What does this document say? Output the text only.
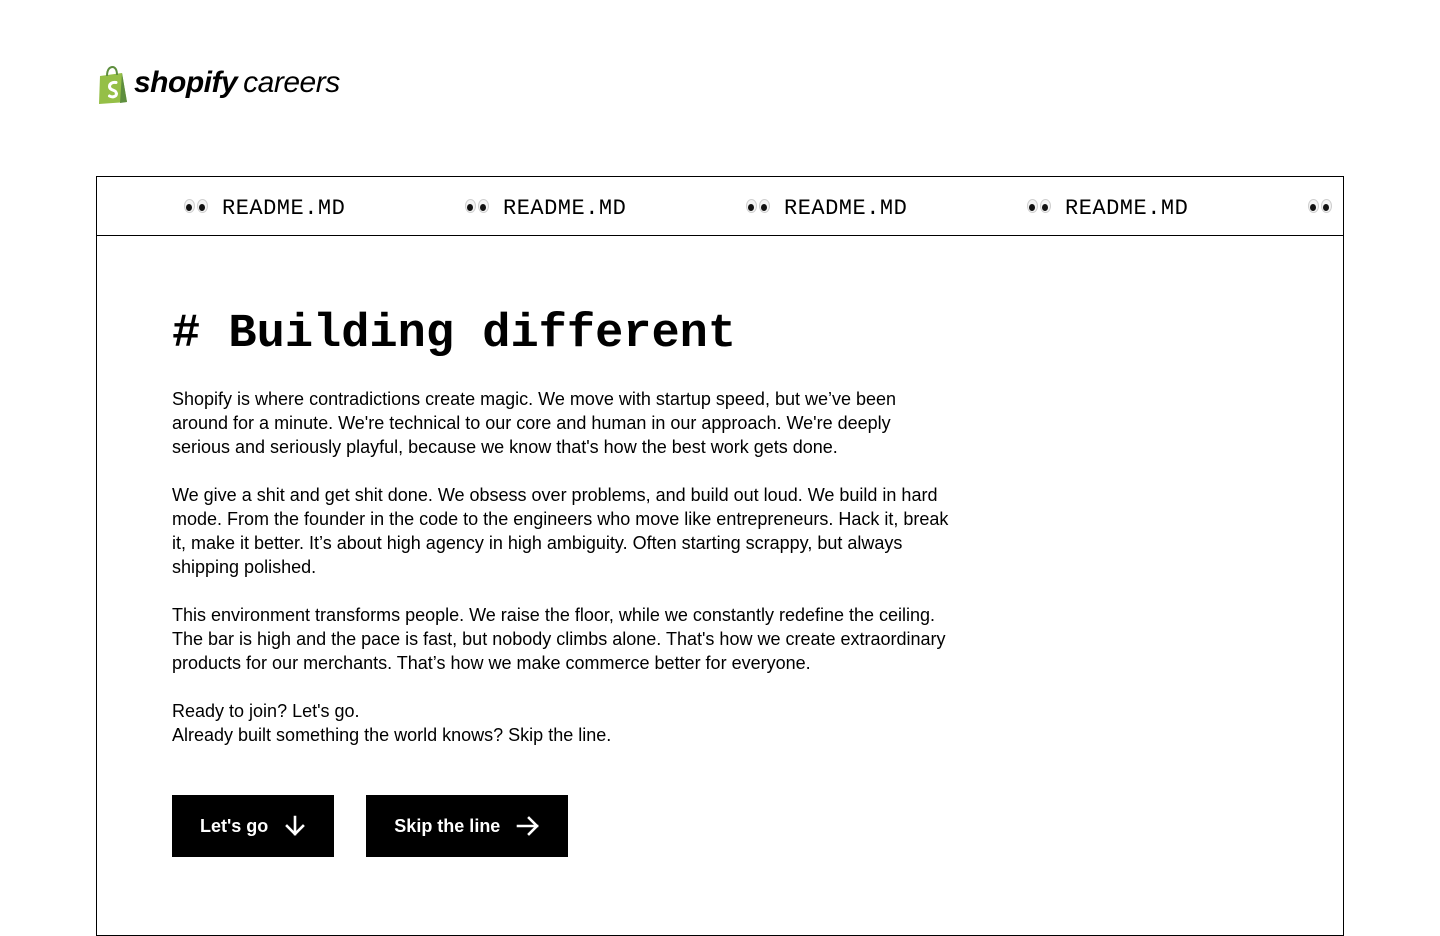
shopify careers
README.MD	README.MD	README.MD	README.MD
# Building different

Shopify is where contradictions create magic. We move with startup speed, but we’ve been around for a minute. We're technical to our core and human in our approach. We're deeply serious and seriously playful, because we know that's how the best work gets done.

We give a shit and get shit done. We obsess over problems, and build out loud. We build in hard mode. From the founder in the code to the engineers who move like entrepreneurs. Hack it, break it, make it better. It’s about high agency in high ambiguity. Often starting scrappy, but always shipping polished.

This environment transforms people. We raise the floor, while we constantly redefine the ceiling. The bar is high and the pace is fast, but nobody climbs alone. That's how we create extraordinary products for our merchants. That’s how we make commerce better for everyone.

Ready to join? Let's go.
Already built something the world knows? Skip the line.

Let's go	Skip the line
